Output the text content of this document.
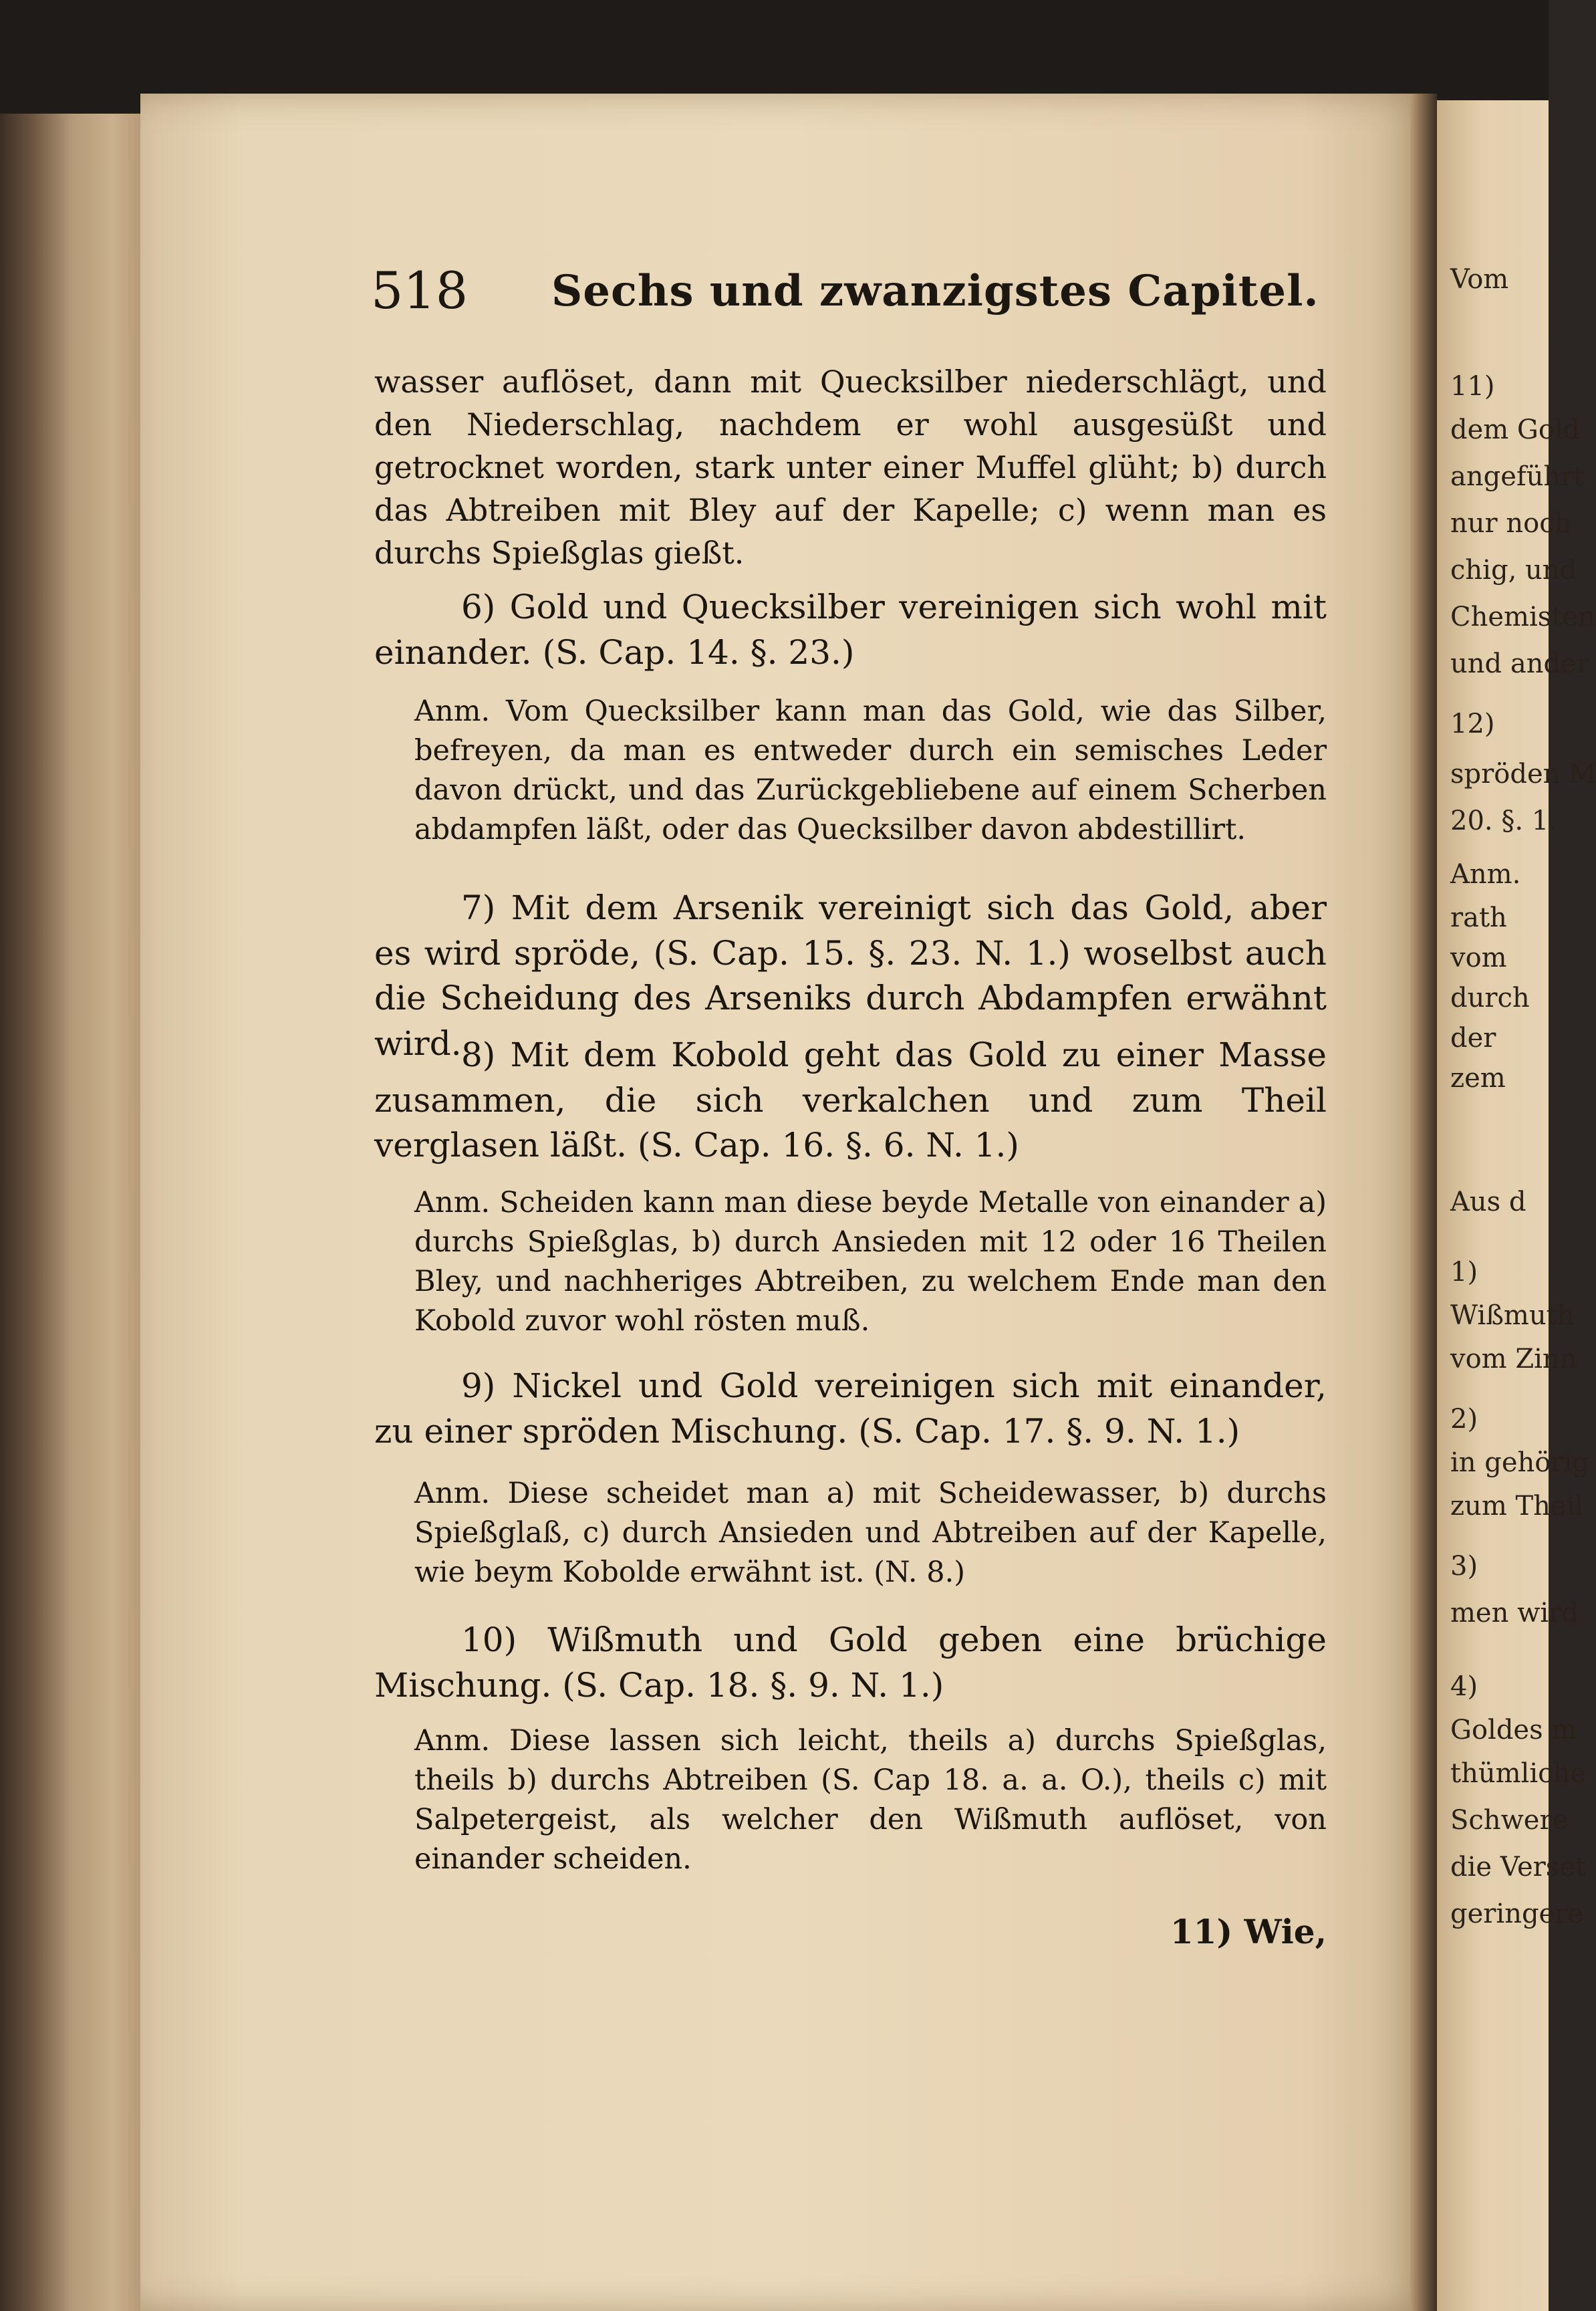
518 Sechs und zwanzigstes Capitel.

wasser auflöset, dann mit Quecksilber niederschlägt, und den Niederschlag, nachdem er wohl ausgesüßt und getrocknet worden, stark unter einer Muffel glüht; b) durch das Abtreiben mit Bley auf der Kapelle; c) wenn man es durchs Spießglas gießt.

6) Gold und Quecksilber vereinigen sich wohl mit einander. (S. Cap. 14. §. 23.)

Anm. Vom Quecksilber kann man das Gold, wie das Silber, befreyen, da man es entweder durch ein semisches Leder davon drückt, und das Zurückgebliebene auf einem Scherben abdampfen läßt, oder das Quecksilber davon abdestillirt.

7) Mit dem Arsenik vereinigt sich das Gold, aber es wird spröde, (S. Cap. 15. §. 23. N. 1.) woselbst auch die Scheidung des Arseniks durch Abdampfen erwähnt wird. 8) Mit dem Kobold geht das Gold zu einer Masse zusammen, die sich verkalchen und zum Theil verglasen läßt. (S. Cap. 16. §. 6. N. 1.)

Anm. Scheiden kann man diese beyde Metalle von einander a) durchs Spießglas, b) durch Ansieden mit 12 oder 16 Theilen Bley, und nachheriges Abtreiben, zu welchem Ende man den Kobold zuvor wohl rösten muß.

9) Nickel und Gold vereinigen sich mit einander, zu einer spröden Mischung. (S. Cap. 17. §. 9. N. 1.)

Anm. Diese scheidet man a) mit Scheidewasser, b) durchs Spießglaß, c) durch Ansieden und Abtreiben auf der Kapelle, wie beym Kobolde erwähnt ist. (N. 8.)

10) Wißmuth und Gold geben eine brüchige Mischung. (S. Cap. 18. §. 9. N. 1.)

Anm. Diese lassen sich leicht, theils a) durchs Spießglas, theils b) durchs Abtreiben (S. Cap 18. a. a. O.), theils c) mit Salpetergeist, als welcher den Wißmuth auflöset, von einander scheiden.

11) Wie,
Vom
11)
dem Gold
angeführt
nur noch
chig, und
Chemisten
und ander
12)
spröden M
20. §. 1.
Anm.
rath
vom
durch
der
zem
Aus d
1)
Wißmuth
vom Zinn
2)
in gehörig
zum Theil
3)
men wird
4)
Goldes m
thümliche
Schwere
die Verset
geringere
